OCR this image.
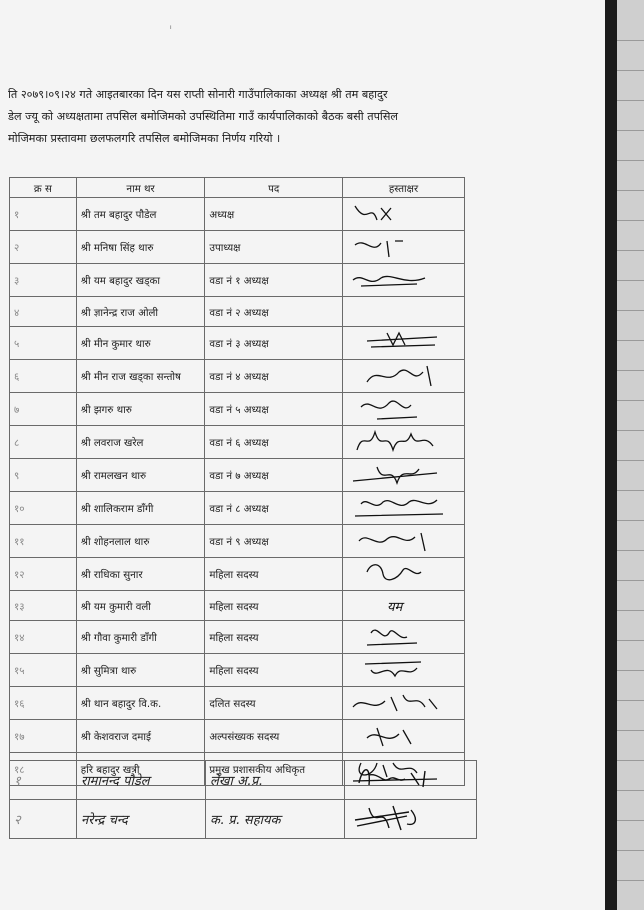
ᵢ
ति २०७९।०९।२४ गते आइतबारका दिन यस राप्ती सोनारी गाउँपालिकाका अध्यक्ष श्री तम बहादुर
डेल ज्यू को अध्यक्षतामा तपसिल बमोजिमको उपस्थितिमा गाउँ कार्यपालिकाको बैठक बसी तपसिल
मोजिमका प्रस्तावमा छलफलगरि तपसिल बमोजिमका निर्णय गरियो ।
क्र स	नाम थर	पद	हस्ताक्षर
१	श्री तम बहादुर पौडेल	अध्यक्ष	
२	श्री मनिषा सिंह थारु	उपाध्यक्ष	
३	श्री यम बहादुर खड्का	वडा नं १ अध्यक्ष	
४	श्री ज्ञानेन्द्र राज ओली	वडा नं २ अध्यक्ष	
५	श्री मीन कुमार थारु	वडा नं ३ अध्यक्ष	
६	श्री मीन राज खड्का सन्तोष	वडा नं ४ अध्यक्ष	
७	श्री झगरु थारु	वडा नं ५ अध्यक्ष	
८	श्री लवराज खरेल	वडा नं ६ अध्यक्ष	
९	श्री रामलखन थारु	वडा नं ७ अध्यक्ष	
१०	श्री शालिकराम डाँगी	वडा नं ८ अध्यक्ष	
११	श्री शोहनलाल थारु	वडा नं ९ अध्यक्ष	
१२	श्री राधिका सुनार	महिला सदस्य	
१३	श्री यम कुमारी वली	महिला सदस्य	यम
१४	श्री गौवा कुमारी डाँगी	महिला सदस्य	
१५	श्री सुमित्रा थारु	महिला सदस्य	
१६	श्री थान बहादुर वि.क.	दलित सदस्य	
१७	श्री केशवराज दमाई	अल्पसंख्यक सदस्य	
१८	हरि बहादुर खत्री	प्रमुख प्रशासकीय अधिकृत	
१	रामानन्द पौडेल	लेखा अ.प्र.	
२	नरेन्द्र चन्द	क. प्र. सहायक	
